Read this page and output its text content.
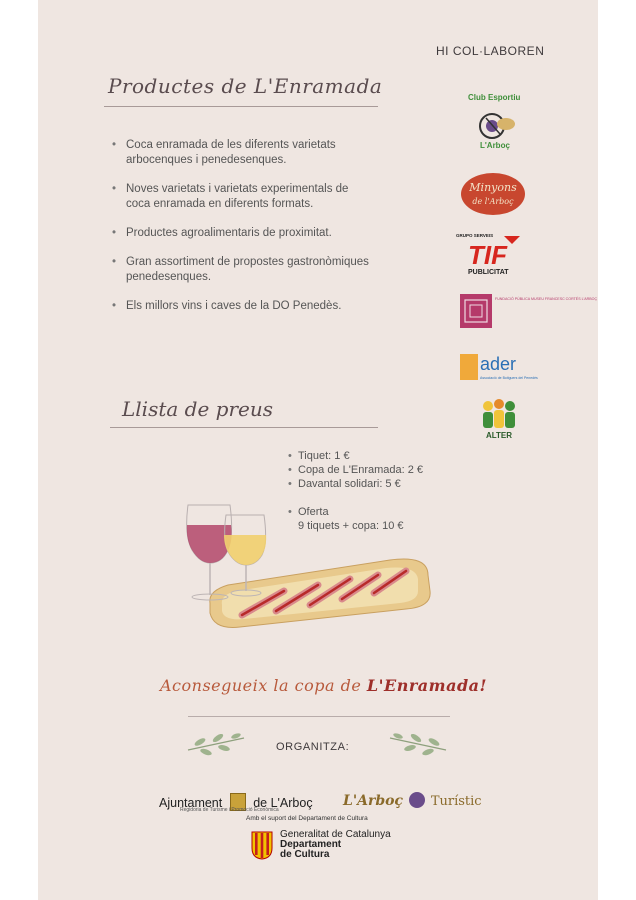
HI COL·LABOREN
Productes de L'Enramada
• Coca enramada de les diferents varietats arbocenques i penedesenques.
• Noves varietats i varietats experimentals de coca enramada en diferents formats.
• Productes agroalimentaris de proximitat.
• Gran assortiment de propostes gastronòmiques penedesenques.
• Els millors vins i caves de la DO Penedès.
Llista de preus
• Tiquet: 1 €
• Copa de L'Enramada: 2 €
• Davantal solidari: 5 €
• Oferta
9 tiquets + copa: 10 €
Aconsegueix la copa de L'Enramada!
ORGANITZA:
Club Esportiu
L'Arboç
Minyons
de l'Arboç
GRUPO SERVEIS
TIF
PUBLICITAT
FUNDACIÓ PÚBLICA MUSEU FRANCESC CORTÉS L'ARBOÇ
ader
Associació de Botiguers del Penedès
ALTER
Ajuntament de L'Arboç
Regidoria de Turisme i Promoció Econòmica
L'Arboç Turístic
Amb el suport del Departament de Cultura
Generalitat de Catalunya
Departament
de Cultura
